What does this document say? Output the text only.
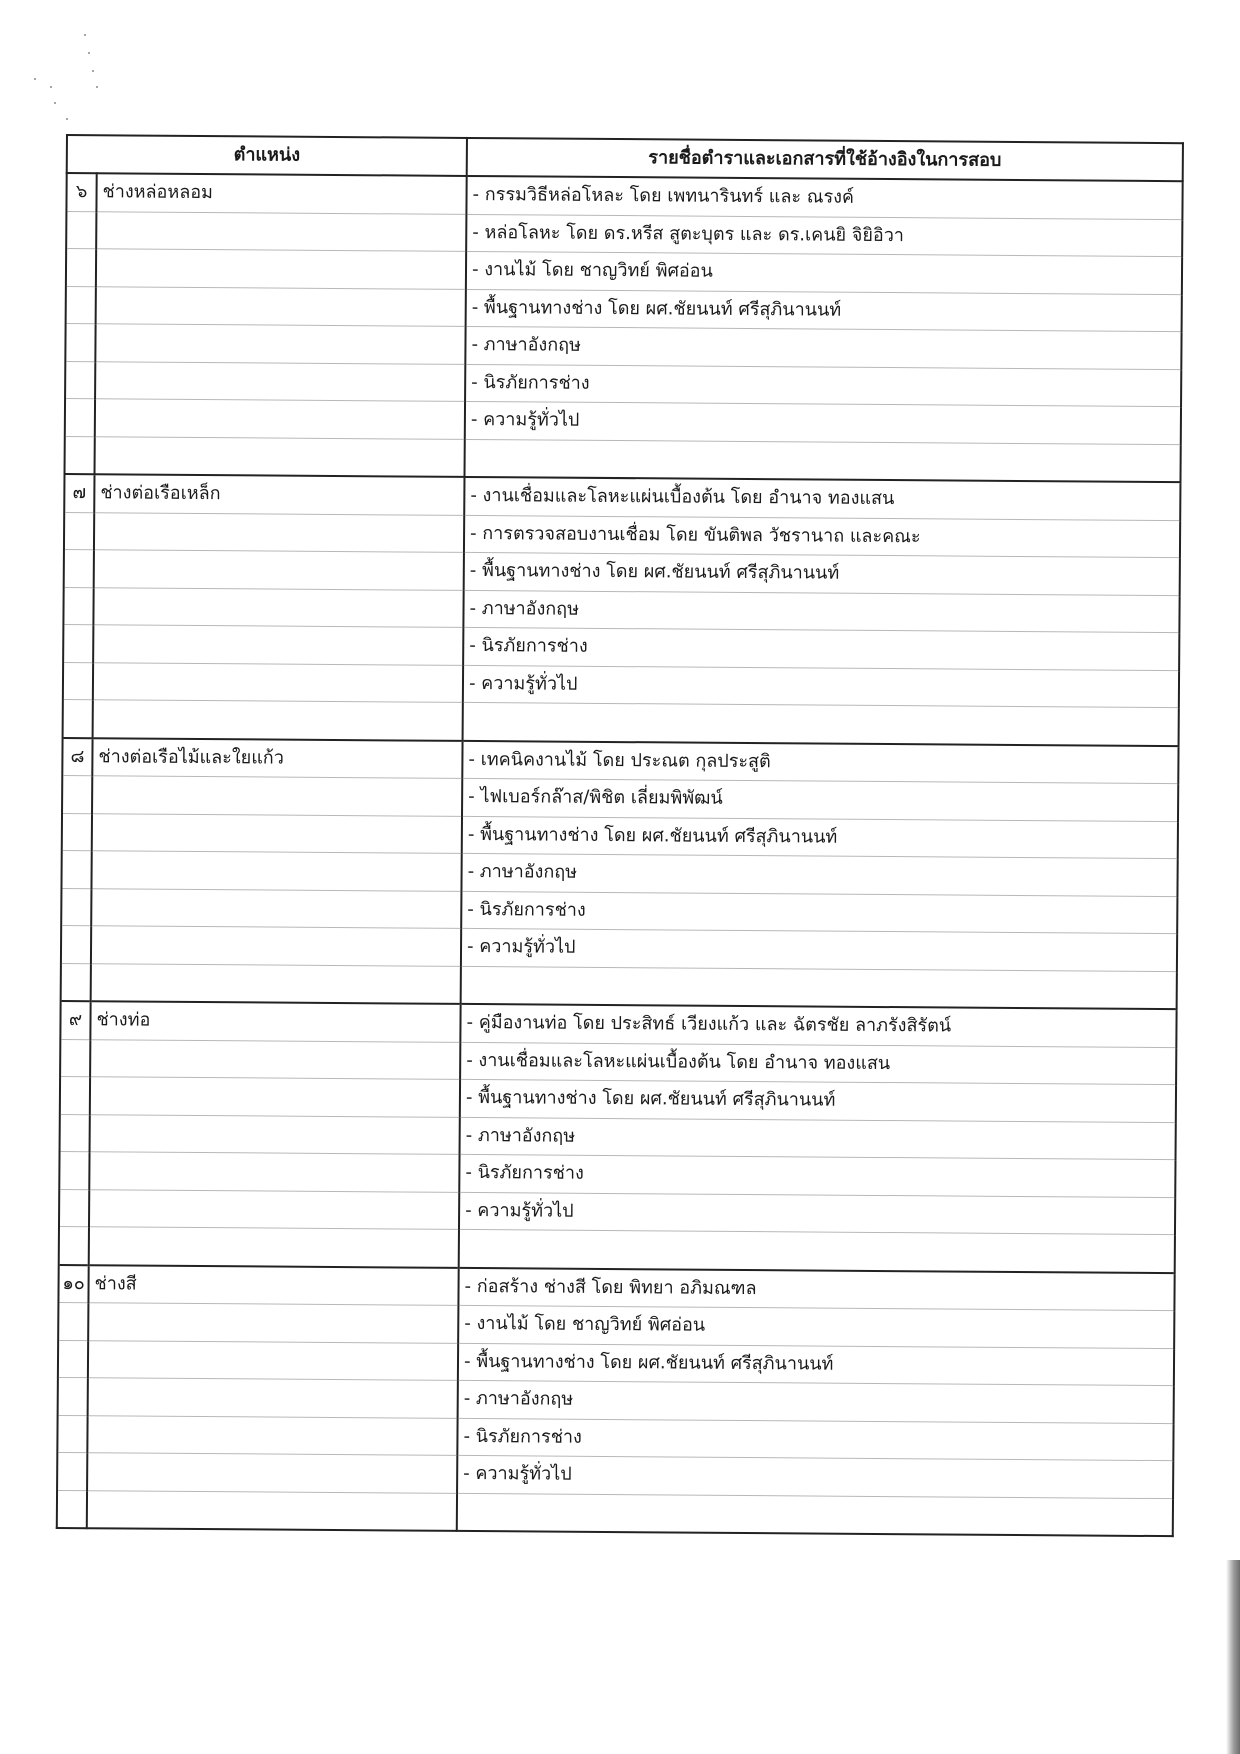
ตำแหน่ง		รายชื่อตำราและเอกสารที่ใช้อ้างอิงในการสอบ
๖	ช่างหล่อหลอม	- กรรมวิธีหล่อโหละ โดย เพทนารินทร์ และ ณรงค์
		- หล่อโลหะ โดย ดร.หรีส สูตะบุตร และ ดร.เคนยิ จิยิอิวา
		- งานไม้ โดย ชาญวิทย์ พิศอ่อน
		- พื้นฐานทางช่าง โดย ผศ.ชัยนนท์ ศรีสุภินานนท์
		- ภาษาอังกฤษ
		- นิรภัยการช่าง
		- ความรู้ทั่วไป

๗	ช่างต่อเรือเหล็ก	- งานเชื่อมและโลหะแผ่นเบื้องต้น โดย อำนาจ ทองแสน
		- การตรวจสอบงานเชื่อม โดย ขันติพล วัชรานาถ และคณะ
		- พื้นฐานทางช่าง โดย ผศ.ชัยนนท์ ศรีสุภินานนท์
		- ภาษาอังกฤษ
		- นิรภัยการช่าง
		- ความรู้ทั่วไป

๘	ช่างต่อเรือไม้และใยแก้ว	- เทคนิคงานไม้ โดย ประณต กุลประสูติ
		- ไฟเบอร์กล๊าส/พิชิต เลี่ยมพิพัฒน์
		- พื้นฐานทางช่าง โดย ผศ.ชัยนนท์ ศรีสุภินานนท์
		- ภาษาอังกฤษ
		- นิรภัยการช่าง
		- ความรู้ทั่วไป

๙	ช่างท่อ	- คู่มืองานท่อ โดย ประสิทธ์ เวียงแก้ว และ ฉัตรชัย ลาภรังสิรัตน์
		- งานเชื่อมและโลหะแผ่นเบื้องต้น โดย อำนาจ ทองแสน
		- พื้นฐานทางช่าง โดย ผศ.ชัยนนท์ ศรีสุภินานนท์
		- ภาษาอังกฤษ
		- นิรภัยการช่าง
		- ความรู้ทั่วไป

๑๐	ช่างสี	- ก่อสร้าง ช่างสี โดย พิทยา อภิมณฑล
		- งานไม้ โดย ชาญวิทย์ พิศอ่อน
		- พื้นฐานทางช่าง โดย ผศ.ชัยนนท์ ศรีสุภินานนท์
		- ภาษาอังกฤษ
		- นิรภัยการช่าง
		- ความรู้ทั่วไป
